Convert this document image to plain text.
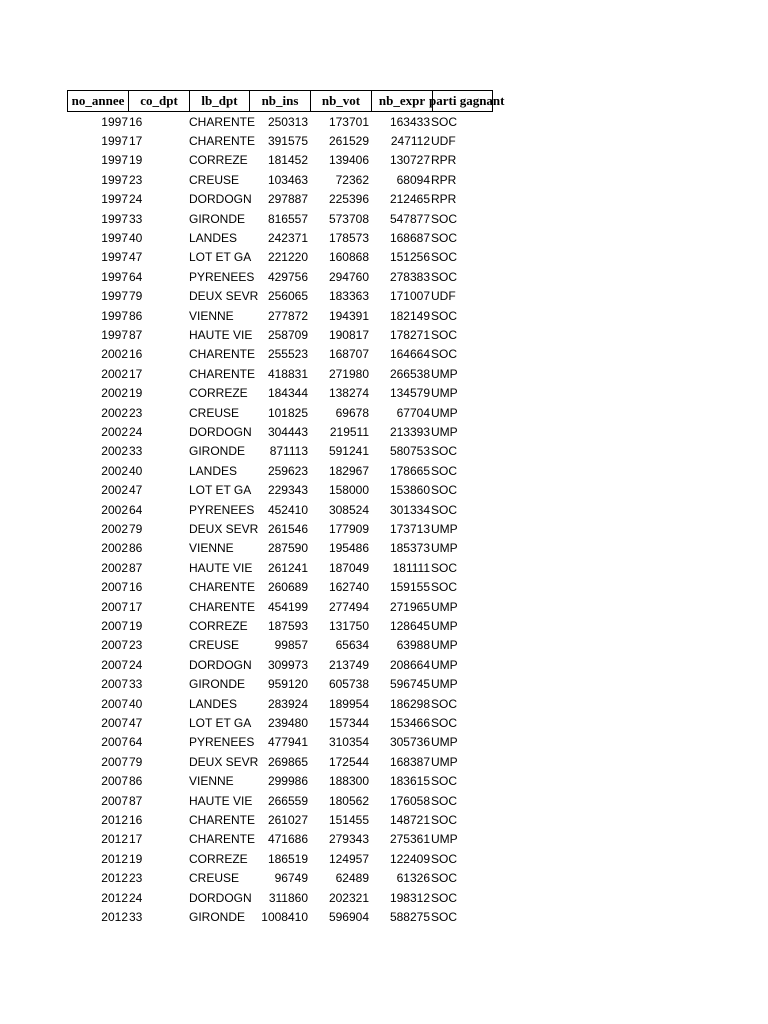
no_annee	co_dpt	lb_dpt	nb_ins	nb_vot	nb_expr parti gagnant
1997 16	CHARENTE	250313	173701	163433 SOC
1997 17	CHARENTE	391575	261529	247112 UDF
1997 19	CORREZE	181452	139406	130727 RPR
1997 23	CREUSE	103463	72362	68094 RPR
1997 24	DORDOGN	297887	225396	212465 RPR
1997 33	GIRONDE	816557	573708	547877 SOC
1997 40	LANDES	242371	178573	168687 SOC
1997 47	LOT ET GA	221220	160868	151256 SOC
1997 64	PYRENEES	429756	294760	278383 SOC
1997 79	DEUX SEVR 256065	183363	171007 UDF
1997 86	VIENNE	277872	194391	182149 SOC
1997 87	HAUTE VIE	258709	190817	178271 SOC
2002 16	CHARENTE	255523	168707	164664 SOC
2002 17	CHARENTE	418831	271980	266538 UMP
2002 19	CORREZE	184344	138274	134579 UMP
2002 23	CREUSE	101825	69678	67704 UMP
2002 24	DORDOGN	304443	219511	213393 UMP
2002 33	GIRONDE	871113	591241	580753 SOC
2002 40	LANDES	259623	182967	178665 SOC
2002 47	LOT ET GA	229343	158000	153860 SOC
2002 64	PYRENEES	452410	308524	301334 SOC
2002 79	DEUX SEVR 261546	177909	173713 UMP
2002 86	VIENNE	287590	195486	185373 UMP
2002 87	HAUTE VIE	261241	187049	181111 SOC
2007 16	CHARENTE	260689	162740	159155 SOC
2007 17	CHARENTE	454199	277494	271965 UMP
2007 19	CORREZE	187593	131750	128645 UMP
2007 23	CREUSE	99857	65634	63988 UMP
2007 24	DORDOGN	309973	213749	208664 UMP
2007 33	GIRONDE	959120	605738	596745 UMP
2007 40	LANDES	283924	189954	186298 SOC
2007 47	LOT ET GA	239480	157344	153466 SOC
2007 64	PYRENEES	477941	310354	305736 UMP
2007 79	DEUX SEVR 269865	172544	168387 UMP
2007 86	VIENNE	299986	188300	183615 SOC
2007 87	HAUTE VIE	266559	180562	176058 SOC
2012 16	CHARENTE	261027	151455	148721 SOC
2012 17	CHARENTE	471686	279343	275361 UMP
2012 19	CORREZE	186519	124957	122409 SOC
2012 23	CREUSE	96749	62489	61326 SOC
2012 24	DORDOGN	311860	202321	198312 SOC
2012 33	GIRONDE	1008410	596904	588275 SOC
